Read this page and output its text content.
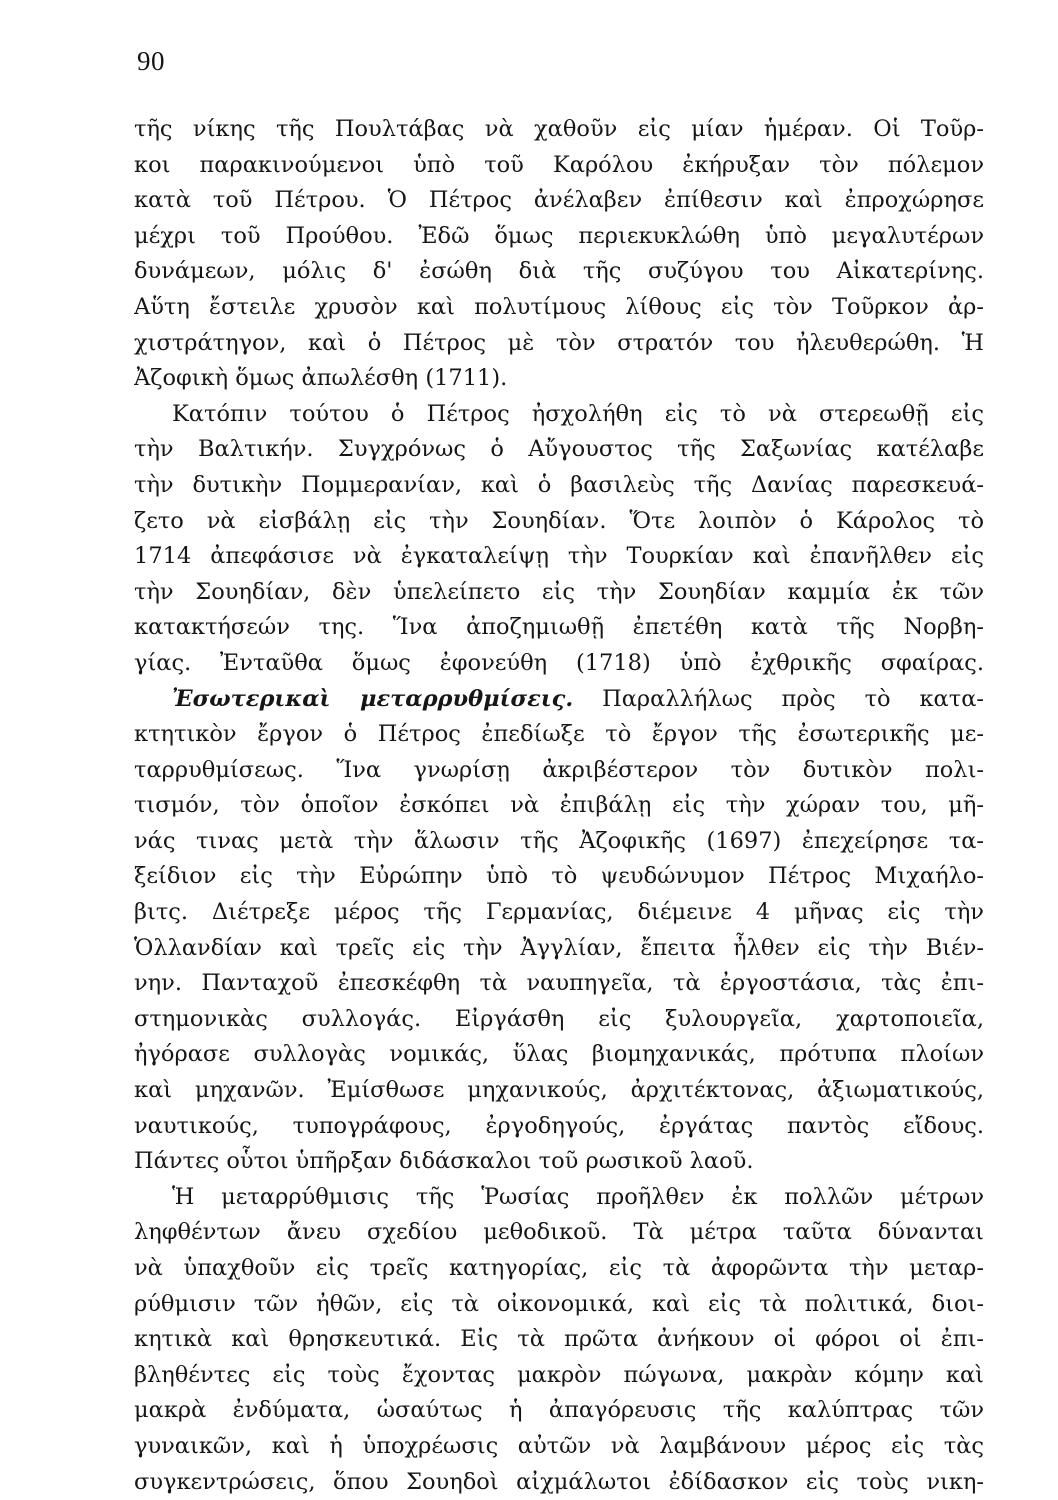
90
τῆς νίκης τῆς Πουλτάβας νὰ χαθοῦν εἰς μίαν ἡμέραν. Οἱ Τοῦρ-
κοι παρακινούμενοι ὑπὸ τοῦ Καρόλου ἐκήρυξαν τὸν πόλεμον
κατὰ τοῦ Πέτρου. Ὁ Πέτρος ἀνέλαβεν ἐπίθεσιν καὶ ἐπροχώρησε
μέχρι τοῦ Προύθου. Ἐδῶ ὅμως περιεκυκλώθη ὑπὸ μεγαλυτέρων
δυνάμεων, μόλις δ' ἐσώθη διὰ τῆς συζύγου του Αἰκατερίνης.
Αὕτη ἔστειλε χρυσὸν καὶ πολυτίμους λίθους εἰς τὸν Τοῦρκον ἀρ-
χιστράτηγον, καὶ ὁ Πέτρος μὲ τὸν στρατόν του ἠλευθερώθη. Ἡ
Ἀζοφικὴ ὅμως ἀπωλέσθη (1711).
Κατόπιν τούτου ὁ Πέτρος ἠσχολήθη εἰς τὸ νὰ στερεωθῇ εἰς
τὴν Βαλτικήν. Συγχρόνως ὁ Αὔγουστος τῆς Σαξωνίας κατέλαβε
τὴν δυτικὴν Πομμερανίαν, καὶ ὁ βασιλεὺς τῆς Δανίας παρεσκευά-
ζετο νὰ εἰσβάλῃ εἰς τὴν Σουηδίαν. Ὅτε λοιπὸν ὁ Κάρολος τὸ
1714 ἀπεφάσισε νὰ ἐγκαταλείψῃ τὴν Τουρκίαν καὶ ἐπανῆλθεν εἰς
τὴν Σουηδίαν, δὲν ὑπελείπετο εἰς τὴν Σουηδίαν καμμία ἐκ τῶν
κατακτήσεών της. Ἵνα ἀποζημιωθῇ ἐπετέθη κατὰ τῆς Νορβη-
γίας. Ἐνταῦθα ὅμως ἐφονεύθη (1718) ὑπὸ ἐχθρικῆς σφαίρας.
Ἐσωτερικαὶ μεταρρυθμίσεις. Παραλλήλως πρὸς τὸ κατα-
κτητικὸν ἔργον ὁ Πέτρος ἐπεδίωξε τὸ ἔργον τῆς ἐσωτερικῆς με-
ταρρυθμίσεως. Ἵνα γνωρίσῃ ἀκριβέστερον τὸν δυτικὸν πολι-
τισμόν, τὸν ὁποῖον ἐσκόπει νὰ ἐπιβάλῃ εἰς τὴν χώραν του, μῆ-
νάς τινας μετὰ τὴν ἅλωσιν τῆς Ἀζοφικῆς (1697) ἐπεχείρησε τα-
ξείδιον εἰς τὴν Εὐρώπην ὑπὸ τὸ ψευδώνυμον Πέτρος Μιχαήλο-
βιτς. Διέτρεξε μέρος τῆς Γερμανίας, διέμεινε 4 μῆνας εἰς τὴν
Ὁλλανδίαν καὶ τρεῖς εἰς τὴν Ἀγγλίαν, ἔπειτα ἦλθεν εἰς τὴν Βιέν-
νην. Πανταχοῦ ἐπεσκέφθη τὰ ναυπηγεῖα, τὰ ἐργοστάσια, τὰς ἐπι-
στημονικὰς συλλογάς. Εἰργάσθη εἰς ξυλουργεῖα, χαρτοποιεῖα,
ἠγόρασε συλλογὰς νομικάς, ὕλας βιομηχανικάς, πρότυπα πλοίων
καὶ μηχανῶν. Ἐμίσθωσε μηχανικούς, ἀρχιτέκτονας, ἀξιωματικούς,
ναυτικούς, τυπογράφους, ἐργοδηγούς, ἐργάτας παντὸς εἴδους.
Πάντες οὗτοι ὑπῆρξαν διδάσκαλοι τοῦ ρωσικοῦ λαοῦ.
Ἡ μεταρρύθμισις τῆς Ῥωσίας προῆλθεν ἐκ πολλῶν μέτρων
ληφθέντων ἄνευ σχεδίου μεθοδικοῦ. Τὰ μέτρα ταῦτα δύνανται
νὰ ὑπαχθοῦν εἰς τρεῖς κατηγορίας, εἰς τὰ ἀφορῶντα τὴν μεταρ-
ρύθμισιν τῶν ἠθῶν, εἰς τὰ οἰκονομικά, καὶ εἰς τὰ πολιτικά, διοι-
κητικὰ καὶ θρησκευτικά. Εἰς τὰ πρῶτα ἀνήκουν οἱ φόροι οἱ ἐπι-
βληθέντες εἰς τοὺς ἔχοντας μακρὸν πώγωνα, μακρὰν κόμην καὶ
μακρὰ ἐνδύματα, ὡσαύτως ἡ ἀπαγόρευσις τῆς καλύπτρας τῶν
γυναικῶν, καὶ ἡ ὑποχρέωσις αὐτῶν νὰ λαμβάνουν μέρος εἰς τὰς
συγκεντρώσεις, ὅπου Σουηδοὶ αἰχμάλωτοι ἐδίδασκον εἰς τοὺς νικη-
